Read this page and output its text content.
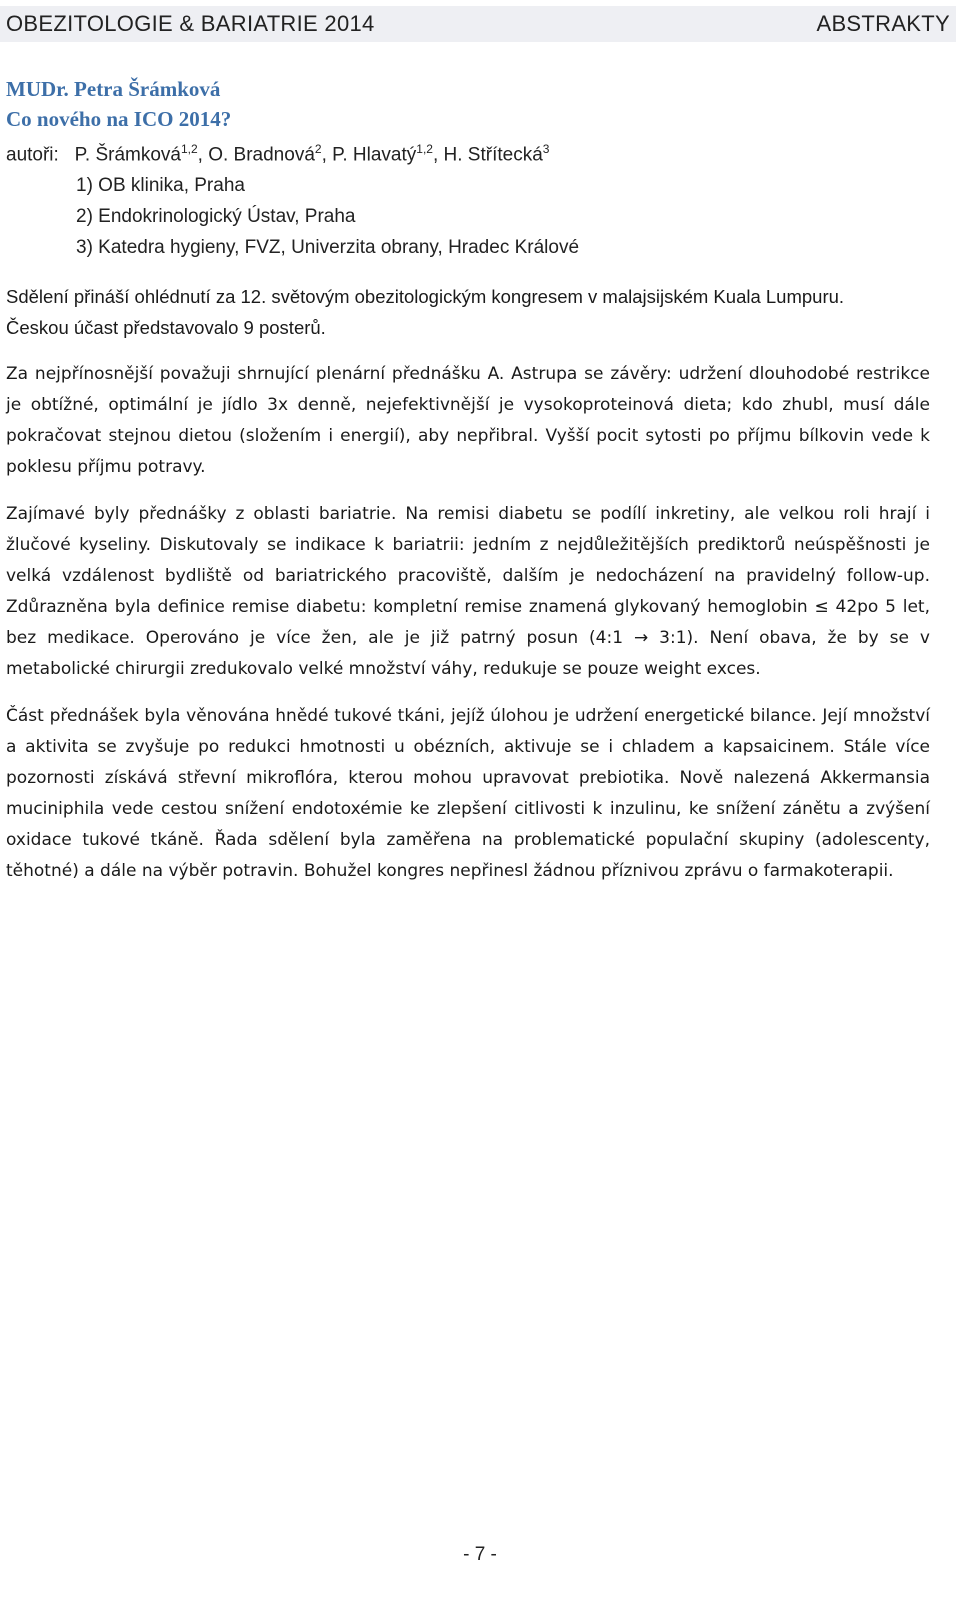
OBEZITOLOGIE & BARIATRIE 2014	ABSTRAKTY

MUDr. Petra Šrámková

Co nového na ICO 2014?

autoři: P. Šrámková$^{1,2}$, O. Bradnová$^2$, P. Hlavatý$^{1,2}$, H. Střítecká$^3$

1) OB klinika, Praha
2) Endokrinologický Ústav, Praha
3) Katedra hygieny, FVZ, Univerzita obrany, Hradec Králové

Sdělení přináší ohlédnutí za 12. světovým obezitologickým kongresem v malajsijském Kuala Lumpuru.

Českou účast představovalo 9 posterů.

Za nejpřínosnější považuji shrnující plenární přednášku A. Astrupa se závěry: udržení dlouhodobé restrikce je obtížné, optimální je jídlo 3x denně, nejefektivnější je vysokoproteinová dieta; kdo zhubl, musí dále pokračovat stejnou dietou (složením i energií), aby nepřibral. Vyšší pocit sytosti po příjmu bílkovin vede k poklesu příjmu potravy.

Zajímavé byly přednášky z oblasti bariatrie. Na remisi diabetu se podílí inkretiny, ale velkou roli hrají i žlučové kyseliny. Diskutovaly se indikace k bariatrii: jedním z nejdůležitějších prediktorů neúspěšnosti je velká vzdálenost bydliště od bariatrického pracoviště, dalším je nedocházení na pravidelný follow-up. Zdůrazněna byla definice remise diabetu: kompletní remise znamená glykovaný hemoglobin ≤ 42po 5 let, bez medikace. Operováno je více žen, ale je již patrný posun (4:1 → 3:1). Není obava, že by se v metabolické chirurgii zredukovalo velké množství váhy, redukuje se pouze weight exces.

Část přednášek byla věnována hnědé tukové tkáni, jejíž úlohou je udržení energetické bilance. Její množství a aktivita se zvyšuje po redukci hmotnosti u obézních, aktivuje se i chladem a kapsaicinem. Stále více pozornosti získává střevní mikroflóra, kterou mohou upravovat prebiotika. Nově nalezená Akkermansia muciniphila vede cestou snížení endotoxémie ke zlepšení citlivosti k inzulinu, ke snížení zánětu a zvýšení oxidace tukové tkáně. Řada sdělení byla zaměřena na problematické populační skupiny (adolescenty, těhotné) a dále na výběr potravin. Bohužel kongres nepřinesl žádnou příznivou zprávu o farmakoterapii.

- 7 -
